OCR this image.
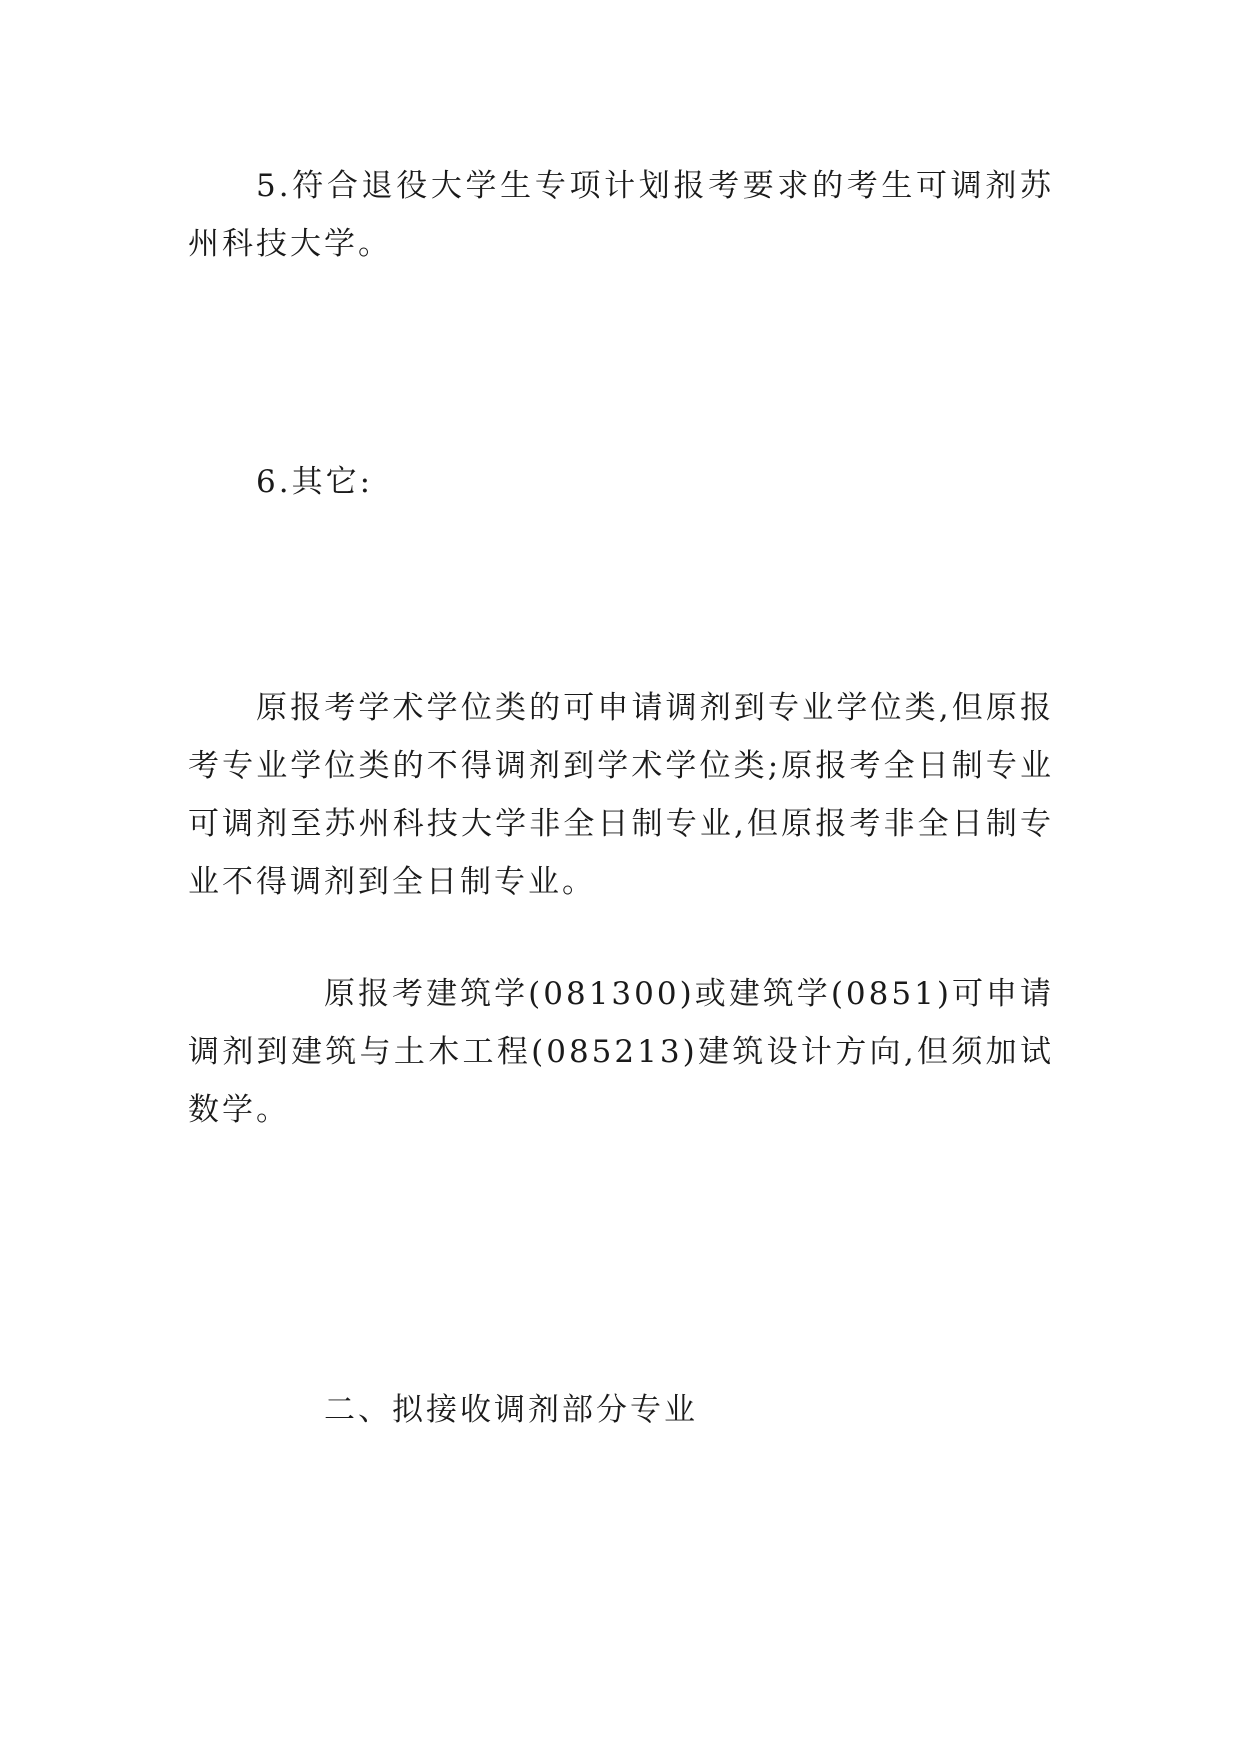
5.符合退役大学生专项计划报考要求的考生可调剂苏州科技大学。

6.其它:

原报考学术学位类的可申请调剂到专业学位类,但原报考专业学位类的不得调剂到学术学位类;原报考全日制专业可调剂至苏州科技大学非全日制专业,但原报考非全日制专业不得调剂到全日制专业。

原报考建筑学(081300)或建筑学(0851)可申请调剂到建筑与土木工程(085213)建筑设计方向,但须加试数学。

二、拟接收调剂部分专业
